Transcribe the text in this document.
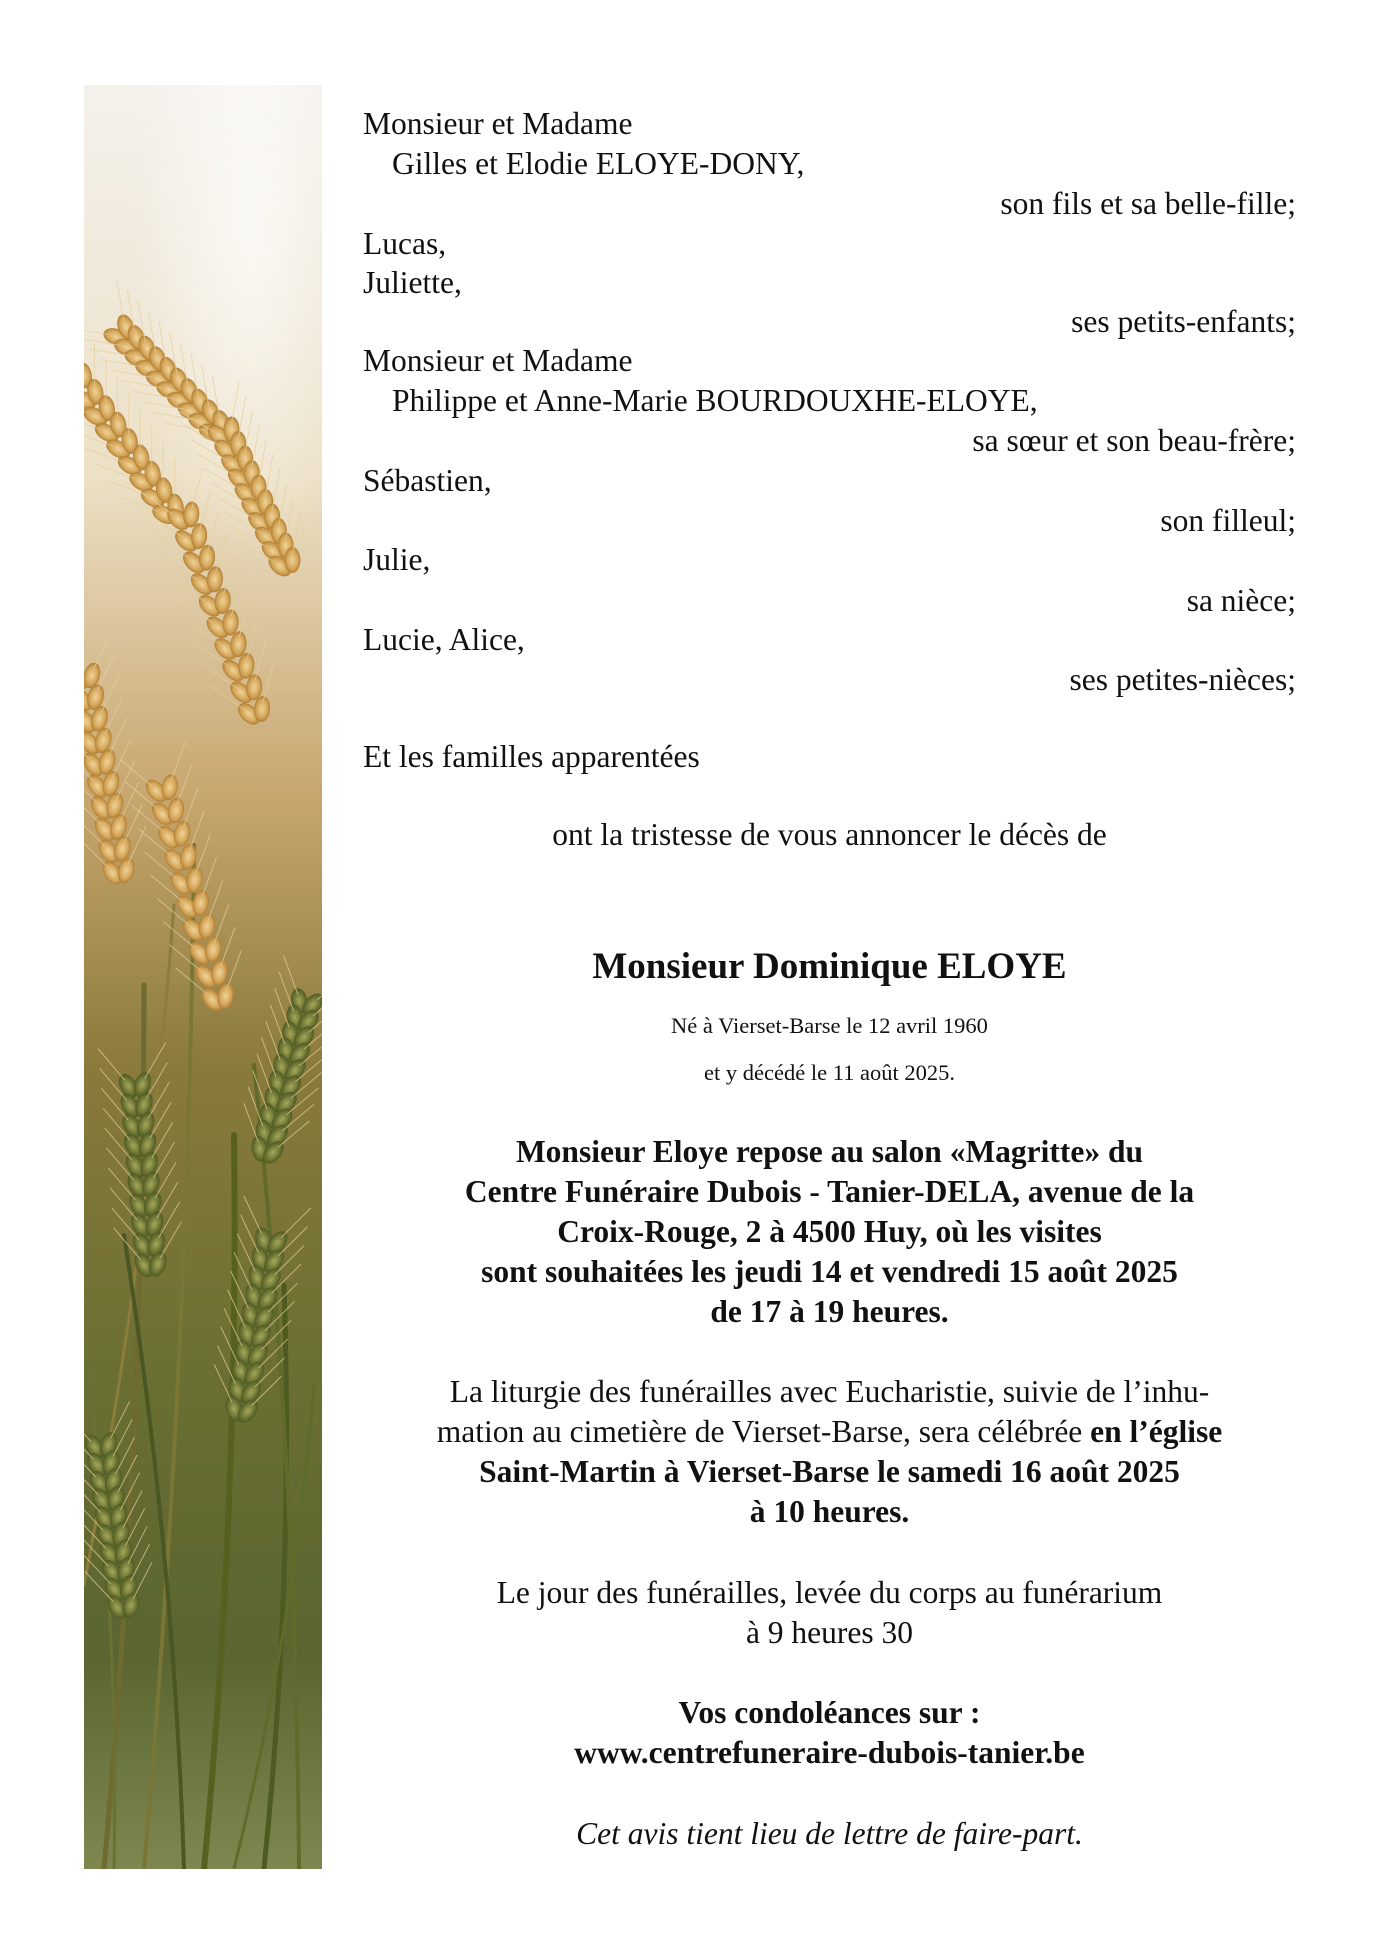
Monsieur et Madame

Gilles et Elodie ELOYE-DONY,

son fils et sa belle-fille;

Lucas,

Juliette,

ses petits-enfants;

Monsieur et Madame

Philippe et Anne-Marie BOURDOUXHE-ELOYE,

sa sœur et son beau-frère;

Sébastien,

son filleul;

Julie,

sa nièce;

Lucie, Alice,

ses petites-nièces;

Et les familles apparentées

ont la tristesse de vous annoncer le décès de

Monsieur Dominique ELOYE

Né à Vierset-Barse le 12 avril 1960

et y décédé le 11 août 2025.

Monsieur Eloye repose au salon «Magritte» du

Centre Funéraire Dubois - Tanier-DELA, avenue de la

Croix-Rouge, 2 à 4500 Huy, où les visites

sont souhaitées les jeudi 14 et vendredi 15 août 2025

de 17 à 19 heures.

La liturgie des funérailles avec Eucharistie, suivie de l’inhu-

mation au cimetière de Vierset-Barse, sera célébrée en l’église

Saint-Martin à Vierset-Barse le samedi 16 août 2025

à 10 heures.

Le jour des funérailles, levée du corps au funérarium

à 9 heures 30

Vos condoléances sur :

www.centrefuneraire-dubois-tanier.be

Cet avis tient lieu de lettre de faire-part.
